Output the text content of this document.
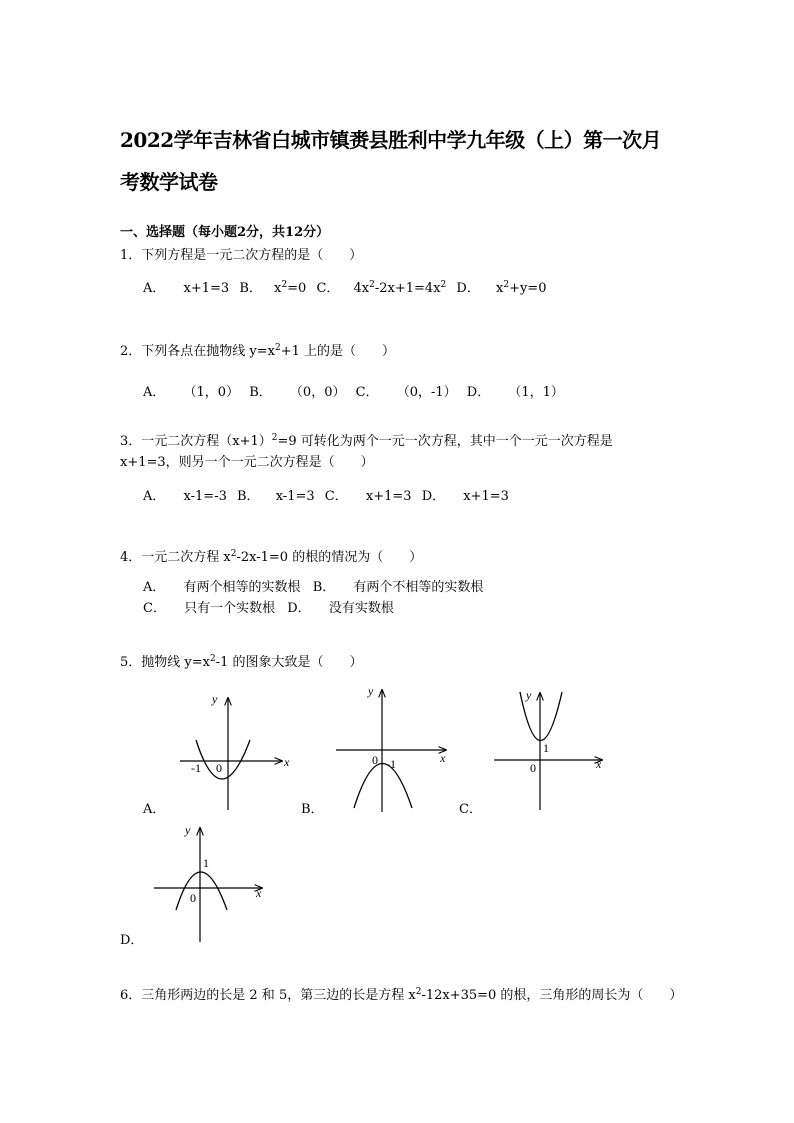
2022学年吉林省白城市镇赉县胜利中学九年级（上）第一次月
考数学试卷
一、选择题（每小题2分，共12分）
1．下列方程是一元二次方程的是（　　）
A． x+1=3 B． $x^2=0$ C． $4x^2-2x+1=4x^2$ D． $x^2+y=0$
2．下列各点在抛物线 $y=x^2+1$ 上的是（　　）
A． （1，0） B． （0，0） C． （0，-1） D． （1，1）
3．一元二次方程$(x+1)^2=9$ 可转化为两个一元一次方程，其中一个一元一次方程是
x+1=3，则另一个一元二次方程是（　　）
A． x-1=-3 B． x-1=3 C． x+1=3 D． x+1=3
4．一元二次方程 $x^2-2x-1=0$ 的根的情况为（　　）
A． 有两个相等的实数根 B． 有两个不相等的实数根
C． 只有一个实数根 D． 没有实数根
5．抛物线 $y=x^2-1$ 的图象大致是（　　）
y
x
-1 0
A．
y
x
0 -1
B．
y
x
1
0
C．
y
x
1
0
D．
6．三角形两边的长是 2 和 5，第三边的长是方程 $x^2-12x+35=0$ 的根，三角形的周长为（　　）
